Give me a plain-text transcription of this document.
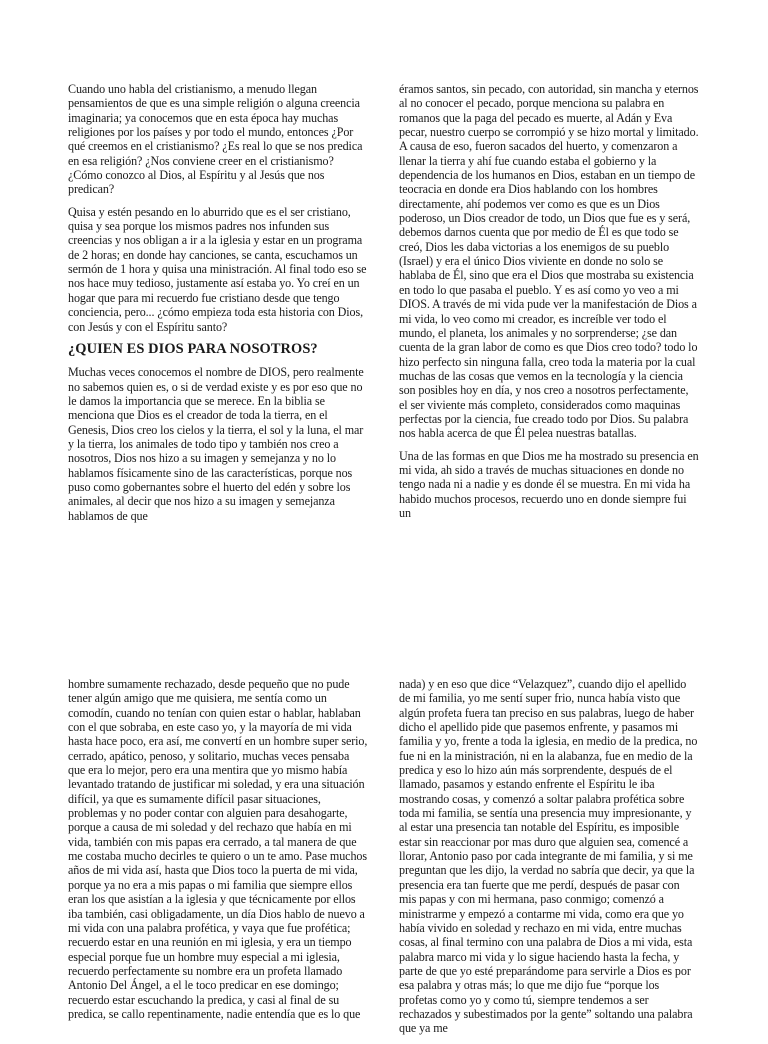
Cuando uno habla del cristianismo, a menudo llegan pensamientos de que es una simple religión o alguna creencia imaginaria; ya conocemos que en esta época hay muchas religiones por los países y por todo el mundo, entonces ¿Por qué creemos en el cristianismo? ¿Es real lo que se nos predica en esa religión? ¿Nos conviene creer en el cristianismo? ¿Cómo conozco al Dios, al Espíritu y al Jesús que nos predican?

Quisa y estén pesando en lo aburrido que es el ser cristiano, quisa y sea porque los mismos padres nos infunden sus creencias y nos obligan a ir a la iglesia y estar en un programa de 2 horas; en donde hay canciones, se canta, escuchamos un sermón de 1 hora y quisa una ministración. Al final todo eso se nos hace muy tedioso, justamente así estaba yo. Yo creí en un hogar que para mi recuerdo fue cristiano desde que tengo conciencia, pero... ¿cómo empieza toda esta historia con Dios, con Jesús y con el Espíritu santo?

¿QUIEN ES DIOS PARA NOSOTROS?

Muchas veces conocemos el nombre de DIOS, pero realmente no sabemos quien es, o si de verdad existe y es por eso que no le damos la importancia que se merece. En la biblia se menciona que Dios es el creador de toda la tierra, en el Genesis, Dios creo los cielos y la tierra, el sol y la luna, el mar y la tierra, los animales de todo tipo y también nos creo a nosotros, Dios nos hizo a su imagen y semejanza y no lo hablamos físicamente sino de las características, porque nos puso como gobernantes sobre el huerto del edén y sobre los animales, al decir que nos hizo a su imagen y semejanza hablamos de que

éramos santos, sin pecado, con autoridad, sin mancha y eternos al no conocer el pecado, porque menciona su palabra en romanos que la paga del pecado es muerte, al Adán y Eva pecar, nuestro cuerpo se corrompió y se hizo mortal y limitado. A causa de eso, fueron sacados del huerto, y comenzaron a llenar la tierra y ahí fue cuando estaba el gobierno y la dependencia de los humanos en Dios, estaban en un tiempo de teocracia en donde era Dios hablando con los hombres directamente, ahí podemos ver como es que es un Dios poderoso, un Dios creador de todo, un Dios que fue es y será, debemos darnos cuenta que por medio de Él es que todo se creó, Dios les daba victorias a los enemigos de su pueblo (Israel) y era el único Dios viviente en donde no solo se hablaba de Él, sino que era el Dios que mostraba su existencia en todo lo que pasaba el pueblo. Y es así como yo veo a mi DIOS. A través de mi vida pude ver la manifestación de Dios a mi vida, lo veo como mi creador, es increíble ver todo el mundo, el planeta, los animales y no sorprenderse; ¿se dan cuenta de la gran labor de como es que Dios creo todo? todo lo hizo perfecto sin ninguna falla, creo toda la materia por la cual muchas de las cosas que vemos en la tecnología y la ciencia son posibles hoy en día, y nos creo a nosotros perfectamente, el ser viviente más completo, considerados como maquinas perfectas por la ciencia, fue creado todo por Dios. Su palabra nos habla acerca de que Él pelea nuestras batallas.

Una de las formas en que Dios me ha mostrado su presencia en mi vida, ah sido a través de muchas situaciones en donde no tengo nada ni a nadie y es donde él se muestra. En mi vida ha habido muchos procesos, recuerdo uno en donde siempre fui un

hombre sumamente rechazado, desde pequeño que no pude tener algún amigo que me quisiera, me sentía como un comodín, cuando no tenían con quien estar o hablar, hablaban con el que sobraba, en este caso yo, y la mayoría de mi vida hasta hace poco, era así, me convertí en un hombre super serio, cerrado, apático, penoso, y solitario, muchas veces pensaba que era lo mejor, pero era una mentira que yo mismo había levantado tratando de justificar mi soledad, y era una situación difícil, ya que es sumamente difícil pasar situaciones, problemas y no poder contar con alguien para desahogarte, porque a causa de mi soledad y del rechazo que había en mi vida, también con mis papas era cerrado, a tal manera de que me costaba mucho decirles te quiero o un te amo. Pase muchos años de mi vida así, hasta que Dios toco la puerta de mi vida, porque ya no era a mis papas o mi familia que siempre ellos eran los que asistían a la iglesia y que técnicamente por ellos iba también, casi obligadamente, un día Dios hablo de nuevo a mi vida con una palabra profética, y vaya que fue profética; recuerdo estar en una reunión en mi iglesia, y era un tiempo especial porque fue un hombre muy especial a mi iglesia, recuerdo perfectamente su nombre era un profeta llamado Antonio Del Ángel, a el le toco predicar en ese domingo; recuerdo estar escuchando la predica, y casi al final de su predica, se callo repentinamente, nadie entendía que es lo que

nada) y en eso que dice “Velazquez”, cuando dijo el apellido de mi familia, yo me sentí super frio, nunca había visto que algún profeta fuera tan preciso en sus palabras, luego de haber dicho el apellido pide que pasemos enfrente, y pasamos mi familia y yo, frente a toda la iglesia, en medio de la predica, no fue ni en la ministración, ni en la alabanza, fue en medio de la predica y eso lo hizo aún más sorprendente, después de el llamado, pasamos y estando enfrente el Espíritu le iba mostrando cosas, y comenzó a soltar palabra profética sobre toda mi familia, se sentía una presencia muy impresionante, y al estar una presencia tan notable del Espíritu, es imposible estar sin reaccionar por mas duro que alguien sea, comencé a llorar, Antonio paso por cada integrante de mi familia, y si me preguntan que les dijo, la verdad no sabría que decir, ya que la presencia era tan fuerte que me perdí, después de pasar con mis papas y con mi hermana, paso conmigo; comenzó a ministrarme y empezó a contarme mi vida, como era que yo había vivido en soledad y rechazo en mi vida, entre muchas cosas, al final termino con una palabra de Dios a mi vida, esta palabra marco mi vida y lo sigue haciendo hasta la fecha, y parte de que yo esté preparándome para servirle a Dios es por esa palabra y otras más; lo que me dijo fue “porque los profetas como yo y como tú, siempre tendemos a ser rechazados y subestimados por la gente” soltando una palabra que ya me
